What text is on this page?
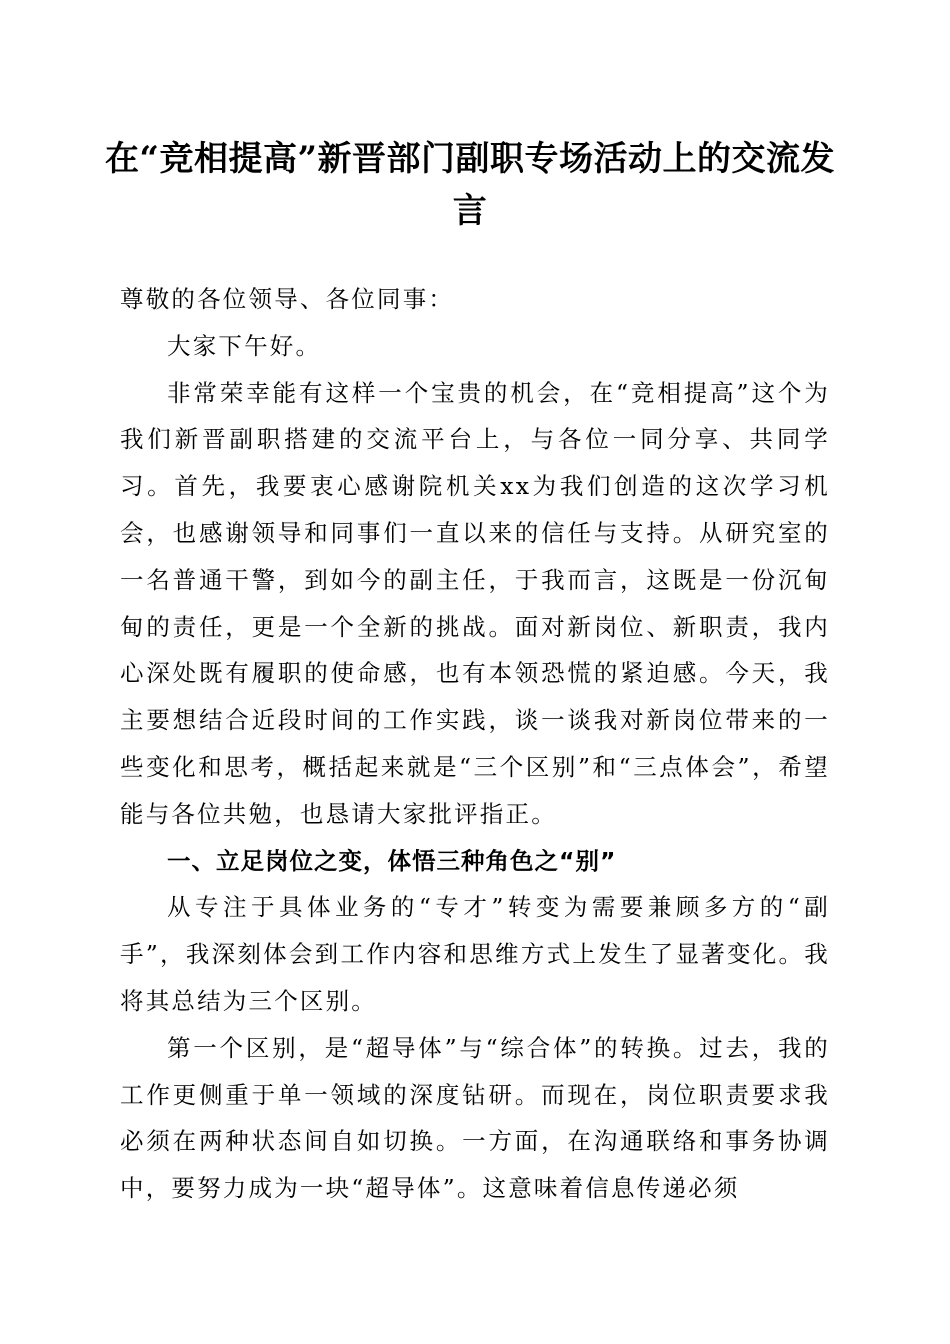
在“竞相提高”新晋部门副职专场活动上的交流发言

尊敬的各位领导、各位同事：

大家下午好。

非常荣幸能有这样一个宝贵的机会，在“竞相提高”这个为我们新晋副职搭建的交流平台上，与各位一同分享、共同学习。首先，我要衷心感谢院机关xx为我们创造的这次学习机会，也感谢领导和同事们一直以来的信任与支持。从研究室的一名普通干警，到如今的副主任，于我而言，这既是一份沉甸甸的责任，更是一个全新的挑战。面对新岗位、新职责，我内心深处既有履职的使命感，也有本领恐慌的紧迫感。今天，我主要想结合近段时间的工作实践，谈一谈我对新岗位带来的一些变化和思考，概括起来就是“三个区别”和“三点体会”，希望能与各位共勉，也恳请大家批评指正。

一、立足岗位之变，体悟三种角色之“别”

从专注于具体业务的“专才”转变为需要兼顾多方的“副手”，我深刻体会到工作内容和思维方式上发生了显著变化。我将其总结为三个区别。

第一个区别，是“超导体”与“综合体”的转换。过去，我的工作更侧重于单一领域的深度钻研。而现在，岗位职责要求我必须在两种状态间自如切换。一方面，在沟通联络和事务协调中，要努力成为一块“超导体”。这意味着信息传递必须
